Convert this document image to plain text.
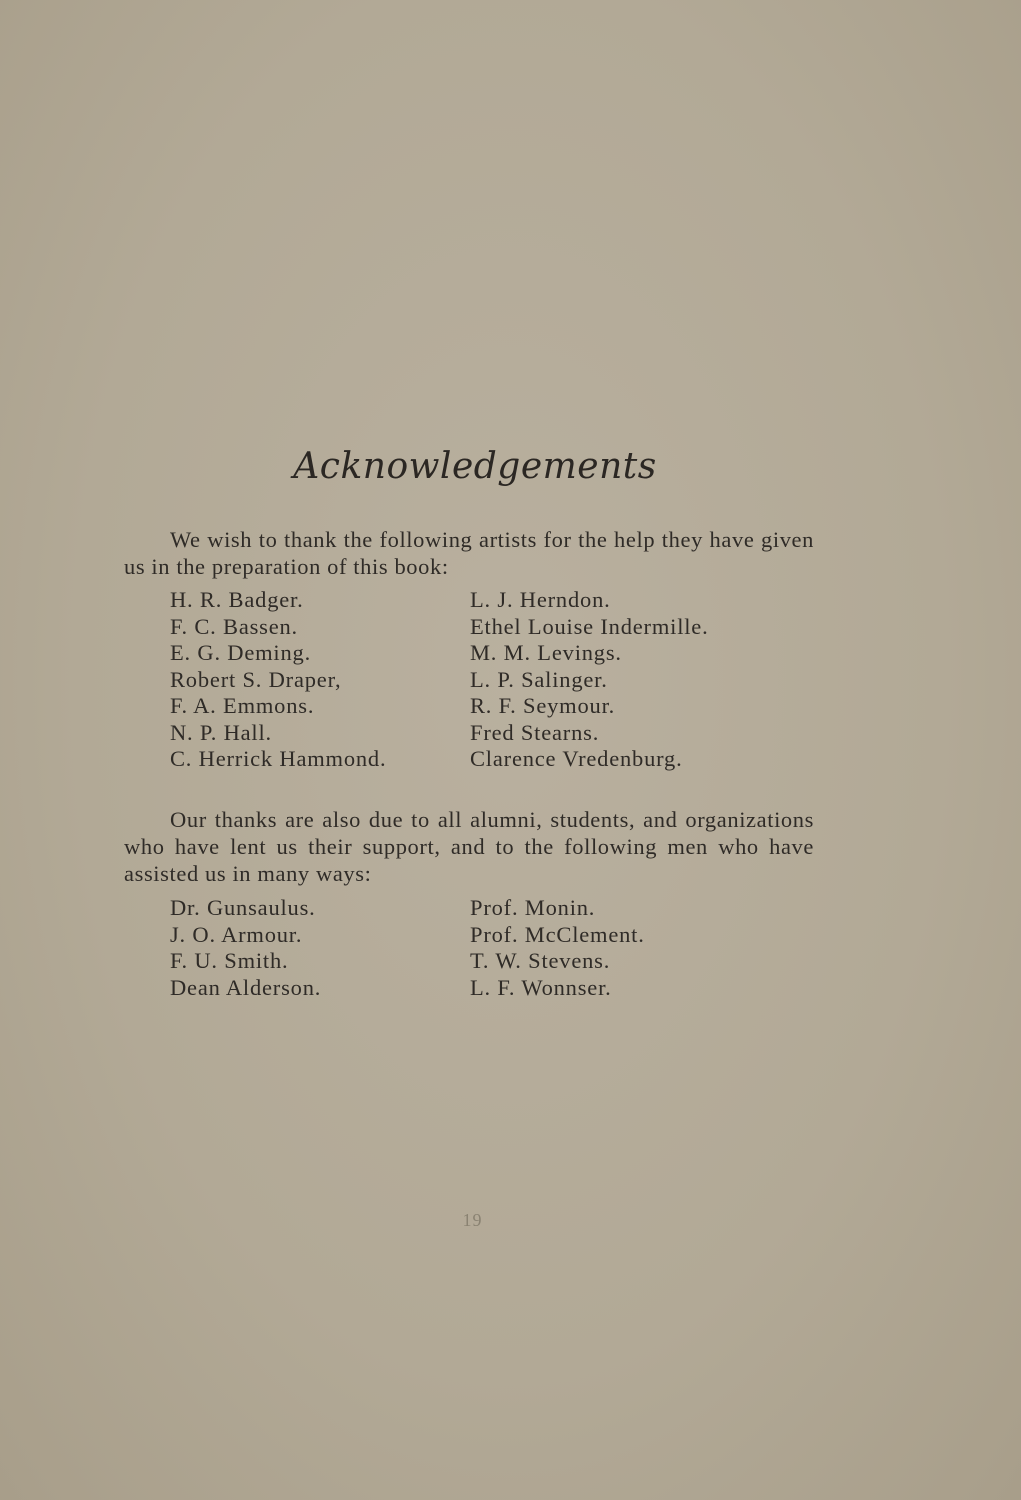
Acknowledgements

We wish to thank the following artists for the help they have given us in the preparation of this book:

H. R. Badger.
F. C. Bassen.
E. G. Deming.
Robert S. Draper,
F. A. Emmons.
N. P. Hall.
C. Herrick Hammond.
L. J. Herndon.
Ethel Louise Indermille.
M. M. Levings.
L. P. Salinger.
R. F. Seymour.
Fred Stearns.
Clarence Vredenburg.

Our thanks are also due to all alumni, students, and organizations who have lent us their support, and to the following men who have assisted us in many ways:

Dr. Gunsaulus.
J. O. Armour.
F. U. Smith.
Dean Alderson.
Prof. Monin.
Prof. McClement.
T. W. Stevens.
L. F. Wonnser.
19
